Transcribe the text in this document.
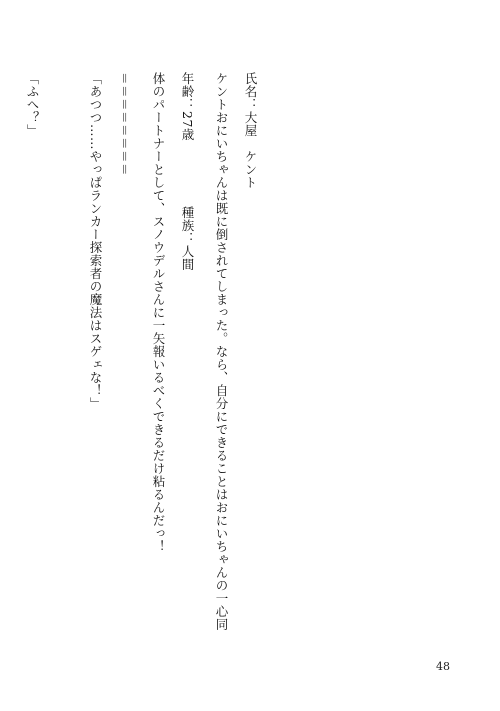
ケントおにいちゃんは既に倒されてしまった。なら、自分にできることはおにいちゃんの一心同

体のパートナーとして、スノウデルさんに一矢報いるべくできるだけ粘るんだっ！

「あつつ……やっぱランカー探索者の魔法はスゲェな！」

「ふへ？」

	氏名：大屋　ケント

年齢：27歳　　　　　種族：人間

＝＝＝＝＝＝＝＝

48
